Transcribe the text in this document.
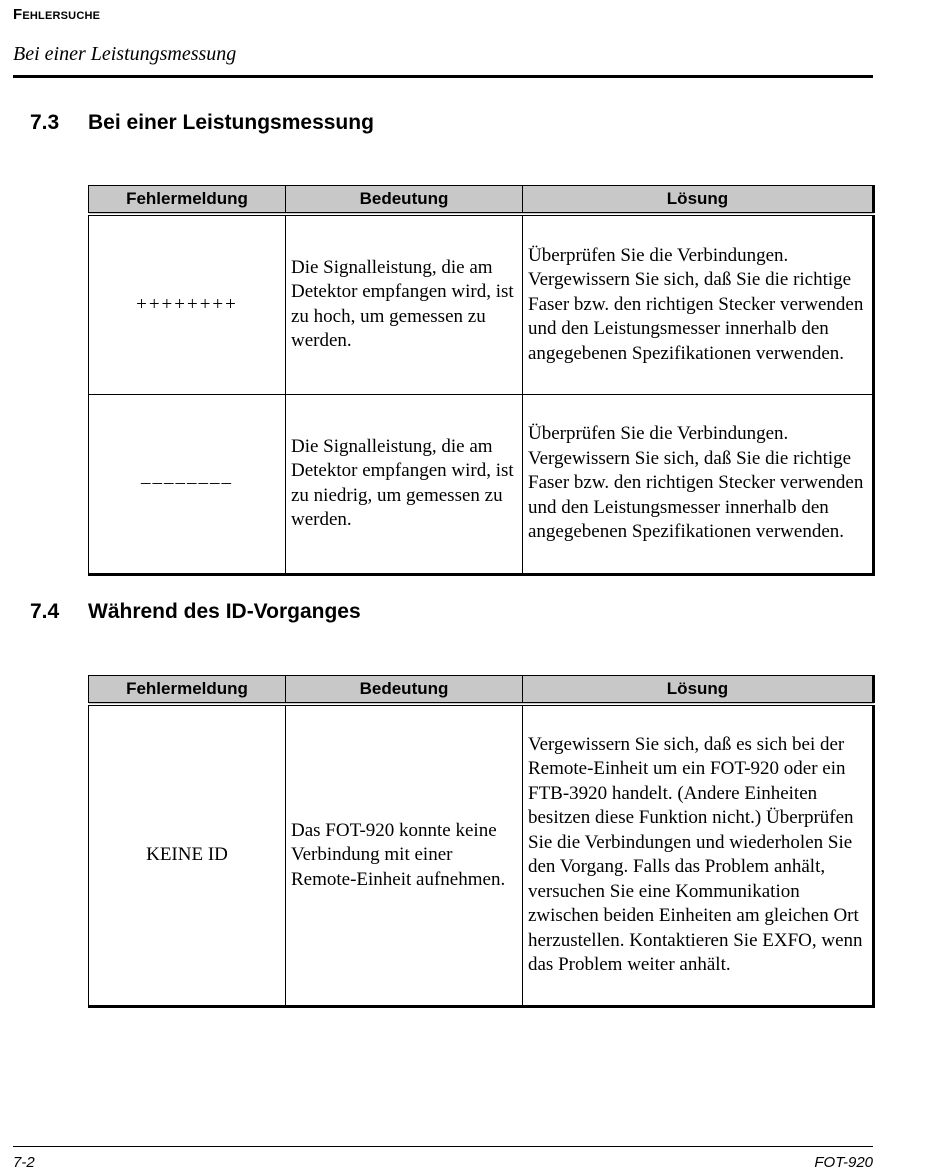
Fehlersuche
Bei einer Leistungsmessung
7.3 Bei einer Leistungsmessung
Fehlermeldung	Bedeutung	Lösung
++++++++	Die Signalleistung, die am Detektor empfangen wird, ist zu hoch, um gemessen zu werden.	Überprüfen Sie die Verbindungen. Vergewissern Sie sich, daß Sie die richtige Faser bzw. den richtigen Stecker verwenden und den Leistungsmesser innerhalb den angegebenen Spezifikationen verwenden.
––––––––	Die Signalleistung, die am Detektor empfangen wird, ist zu niedrig, um gemessen zu werden.	Überprüfen Sie die Verbindungen. Vergewissern Sie sich, daß Sie die richtige Faser bzw. den richtigen Stecker verwenden und den Leistungsmesser innerhalb den angegebenen Spezifikationen verwenden.
7.4 Während des ID-Vorganges
Fehlermeldung	Bedeutung	Lösung
KEINE ID	Das FOT-920 konnte keine Verbindung mit einer Remote-Einheit aufnehmen.	Vergewissern Sie sich, daß es sich bei der Remote-Einheit um ein FOT-920 oder ein FTB-3920 handelt. (Andere Einheiten besitzen diese Funktion nicht.) Überprüfen Sie die Verbindungen und wiederholen Sie den Vorgang. Falls das Problem anhält, versuchen Sie eine Kommunikation zwischen beiden Einheiten am gleichen Ort herzustellen. Kontaktieren Sie EXFO, wenn das Problem weiter anhält.
7-2	FOT-920
